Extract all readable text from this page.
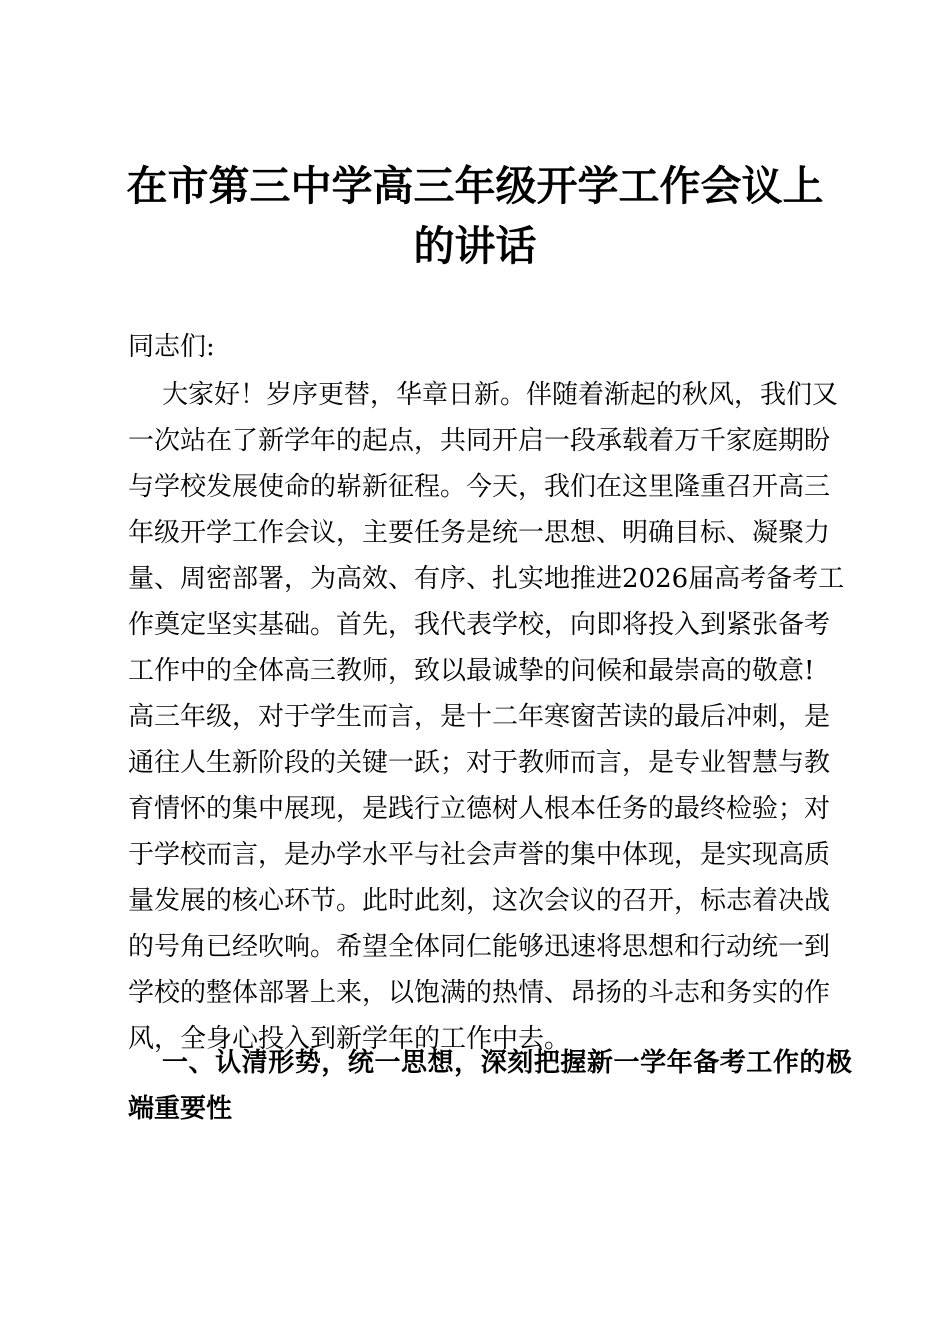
在市第三中学高三年级开学工作会议上
的讲话
同志们:
大家好！岁序更替，华章日新。伴随着渐起的秋风，我们又
一次站在了新学年的起点，共同开启一段承载着万千家庭期盼
与学校发展使命的崭新征程。今天，我们在这里隆重召开高三
年级开学工作会议，主要任务是统一思想、明确目标、凝聚力
量、周密部署，为高效、有序、扎实地推进2026届高考备考工
作奠定坚实基础。首先，我代表学校，向即将投入到紧张备考
工作中的全体高三教师，致以最诚挚的问候和最崇高的敬意!
高三年级，对于学生而言，是十二年寒窗苦读的最后冲刺，是
通往人生新阶段的关键一跃；对于教师而言，是专业智慧与教
育情怀的集中展现，是践行立德树人根本任务的最终检验；对
于学校而言，是办学水平与社会声誉的集中体现，是实现高质
量发展的核心环节。此时此刻，这次会议的召开，标志着决战
的号角已经吹响。希望全体同仁能够迅速将思想和行动统一到
学校的整体部署上来，以饱满的热情、昂扬的斗志和务实的作
风，全身心投入到新学年的工作中去。
一、认清形势，统一思想，深刻把握新一学年备考工作的极
端重要性
